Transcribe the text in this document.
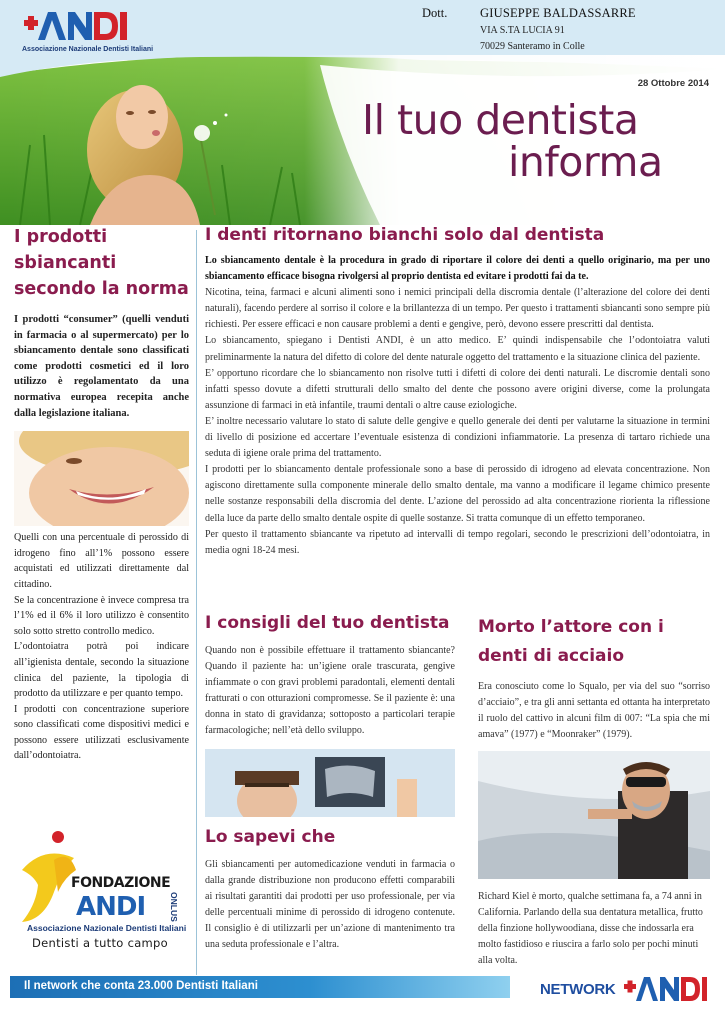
Associazione Nazionale Dentisti Italiani
Dott.	GIUSEPPE BALDASSARRE
VIA S.TA LUCIA 91
70029 Santeramo in Colle
28 Ottobre 2014
Il tuo dentista
informa
I prodotti sbiancanti secondo la norma
I prodotti “consumer” (quelli venduti in farmacia o al supermercato) per lo sbiancamento dentale sono classificati come prodotti cosmetici ed il loro utilizzo è regolamentato da una normativa europea recepita anche dalla legislazione italiana.

Quelli con una percentuale di perossido di idrogeno fino all’1% possono essere acquistati ed utilizzati direttamente dal cittadino.

Se la concentrazione è invece compresa tra l’1% ed il 6% il loro utilizzo è consentito solo sotto stretto controllo medico.

L’odontoiatra potrà poi indicare all’igienista dentale, secondo la situazione clinica del paziente, la tipologia di prodotto da utilizzare e per quanto tempo.

I prodotti con concentrazione superiore sono classificati come dispositivi medici e possono essere utilizzati esclusivamente dall’odontoiatra.

I denti ritornano bianchi solo dal dentista
Lo sbiancamento dentale è la procedura in grado di riportare il colore dei denti a quello originario, ma per uno sbiancamento efficace bisogna rivolgersi al proprio dentista ed evitare i prodotti fai da te.

Nicotina, teina, farmaci e alcuni alimenti sono i nemici principali della discromia dentale (l’alterazione del colore dei denti naturali), facendo perdere al sorriso il colore e la brillantezza di un tempo. Per questo i trattamenti sbiancanti sono sempre più richiesti. Per essere efficaci e non causare problemi a denti e gengive, però, devono essere prescritti dal dentista.

Lo sbiancamento, spiegano i Dentisti ANDI, è un atto medico. E’ quindi indispensabile che l’odontoiatra valuti preliminarmente la natura del difetto di colore del dente naturale oggetto del trattamento e la situazione clinica del paziente.

E’ opportuno ricordare che lo sbiancamento non risolve tutti i difetti di colore dei denti naturali. Le discromie dentali sono infatti spesso dovute a difetti strutturali dello smalto del dente che possono avere origini diverse, come la prolungata assunzione di farmaci in età infantile, traumi dentali o altre cause eziologiche.

E’ inoltre necessario valutare lo stato di salute delle gengive e quello generale dei denti per valutarne la situazione in termini di livello di posizione ed accertare l’eventuale esistenza di condizioni infiammatorie. La presenza di tartaro richiede una seduta di igiene orale prima del trattamento.

I prodotti per lo sbiancamento dentale professionale sono a base di perossido di idrogeno ad elevata concentrazione. Non agiscono direttamente sulla componente minerale dello smalto dentale, ma vanno a modificare il legame chimico presente nelle sostanze responsabili della discromia del dente. L’azione del perossido ad alta concentrazione riorienta la riflessione della luce da parte dello smalto dentale ospite di quelle sostanze. Si tratta comunque di un effetto temporaneo.

Per questo il trattamento sbiancante va ripetuto ad intervalli di tempo regolari, secondo le prescrizioni dell’odontoiatra, in media ogni 18-24 mesi.

I consigli del tuo dentista
Quando non è possibile effettuare il trattamento sbiancante? Quando il paziente ha: un’igiene orale trascurata, gengive infiammate o con gravi problemi paradontali, elementi dentali fratturati o con otturazioni compromesse. Se il paziente è: una donna in stato di gravidanza; sottoposto a particolari terapie farmacologiche; nell’età dello sviluppo.
Lo sapevi che
Gli sbiancamenti per automedicazione venduti in farmacia o dalla grande distribuzione non producono effetti comparabili ai risultati garantiti dai prodotti per uso professionale, per via delle percentuali minime di perossido di idrogeno contenute. Il consiglio è di utilizzarli per un’azione di mantenimento tra una seduta professionale e l’altra.
Morto l’attore con i denti di acciaio
Era conosciuto come lo Squalo, per via del suo “sorriso d’acciaio”, e tra gli anni settanta ed ottanta ha interpretato il ruolo del cattivo in alcuni film di 007: “La spia che mi amava” (1977) e “Moonraker” (1979).
Richard Kiel è morto, qualche settimana fa, a 74 anni in California. Parlando della sua dentatura metallica, frutto della finzione hollywoodiana, disse che indossarla era molto fastidioso e riuscira a farlo solo per pochi minuti alla volta.
FONDAZIONE
ANDI	ONLUS
Associazione Nazionale Dentisti Italiani
Dentisti a tutto campo
Il network che conta 23.000 Dentisti Italiani	NETWORK
